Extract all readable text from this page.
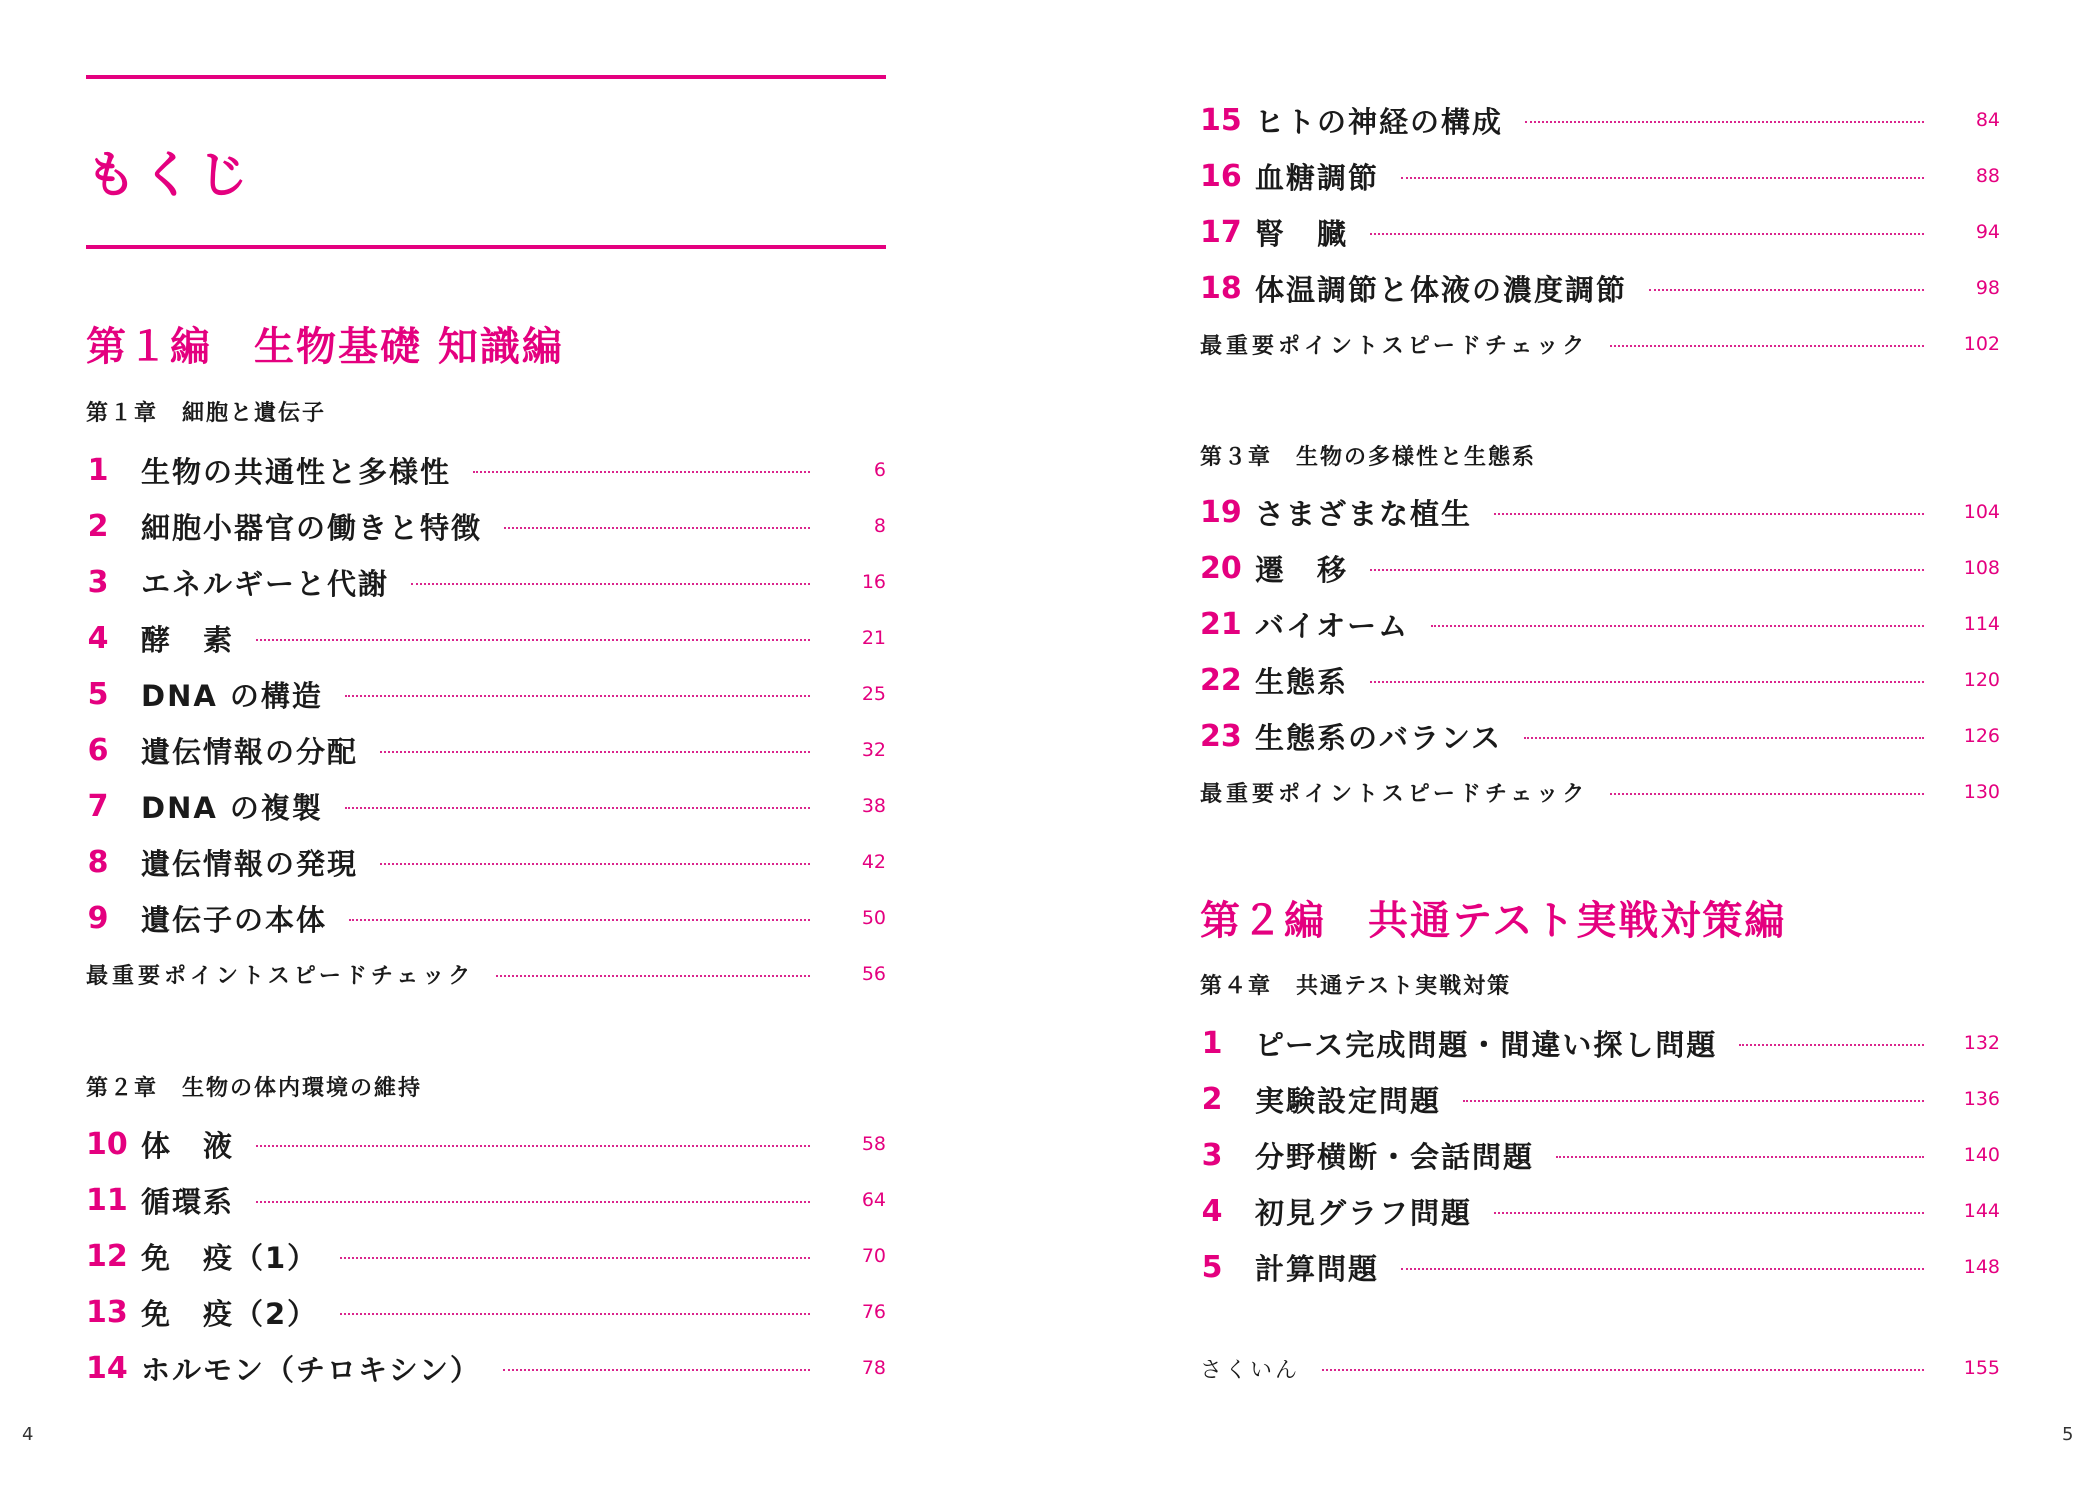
もくじ
第１編　生物基礎 知識編
第１章　細胞と遺伝子
1 生物の共通性と多様性	6
2 細胞小器官の働きと特徴	8
3 エネルギーと代謝	16
4 酵　素	21
5 DNA の構造	25
6 遺伝情報の分配	32
7 DNA の複製	38
8 遺伝情報の発現	42
9 遺伝子の本体	50
最重要ポイントスピードチェック	56
第２章　生物の体内環境の維持
10 体　液	58
11 循環系	64
12 免　疫（1）	70
13 免　疫（2）	76
14 ホルモン（チロキシン）	78
4
15 ヒトの神経の構成	84
16 血糖調節	88
17 腎　臓	94
18 体温調節と体液の濃度調節	98
最重要ポイントスピードチェック	102
第３章　生物の多様性と生態系
19 さまざまな植生	104
20 遷　移	108
21 バイオーム	114
22 生態系	120
23 生態系のバランス	126
最重要ポイントスピードチェック	130
第２編　共通テスト実戦対策編
第４章　共通テスト実戦対策
1 ピース完成問題・間違い探し問題	132
2 実験設定問題	136
3 分野横断・会話問題	140
4 初見グラフ問題	144
5 計算問題	148
さくいん	155
5
